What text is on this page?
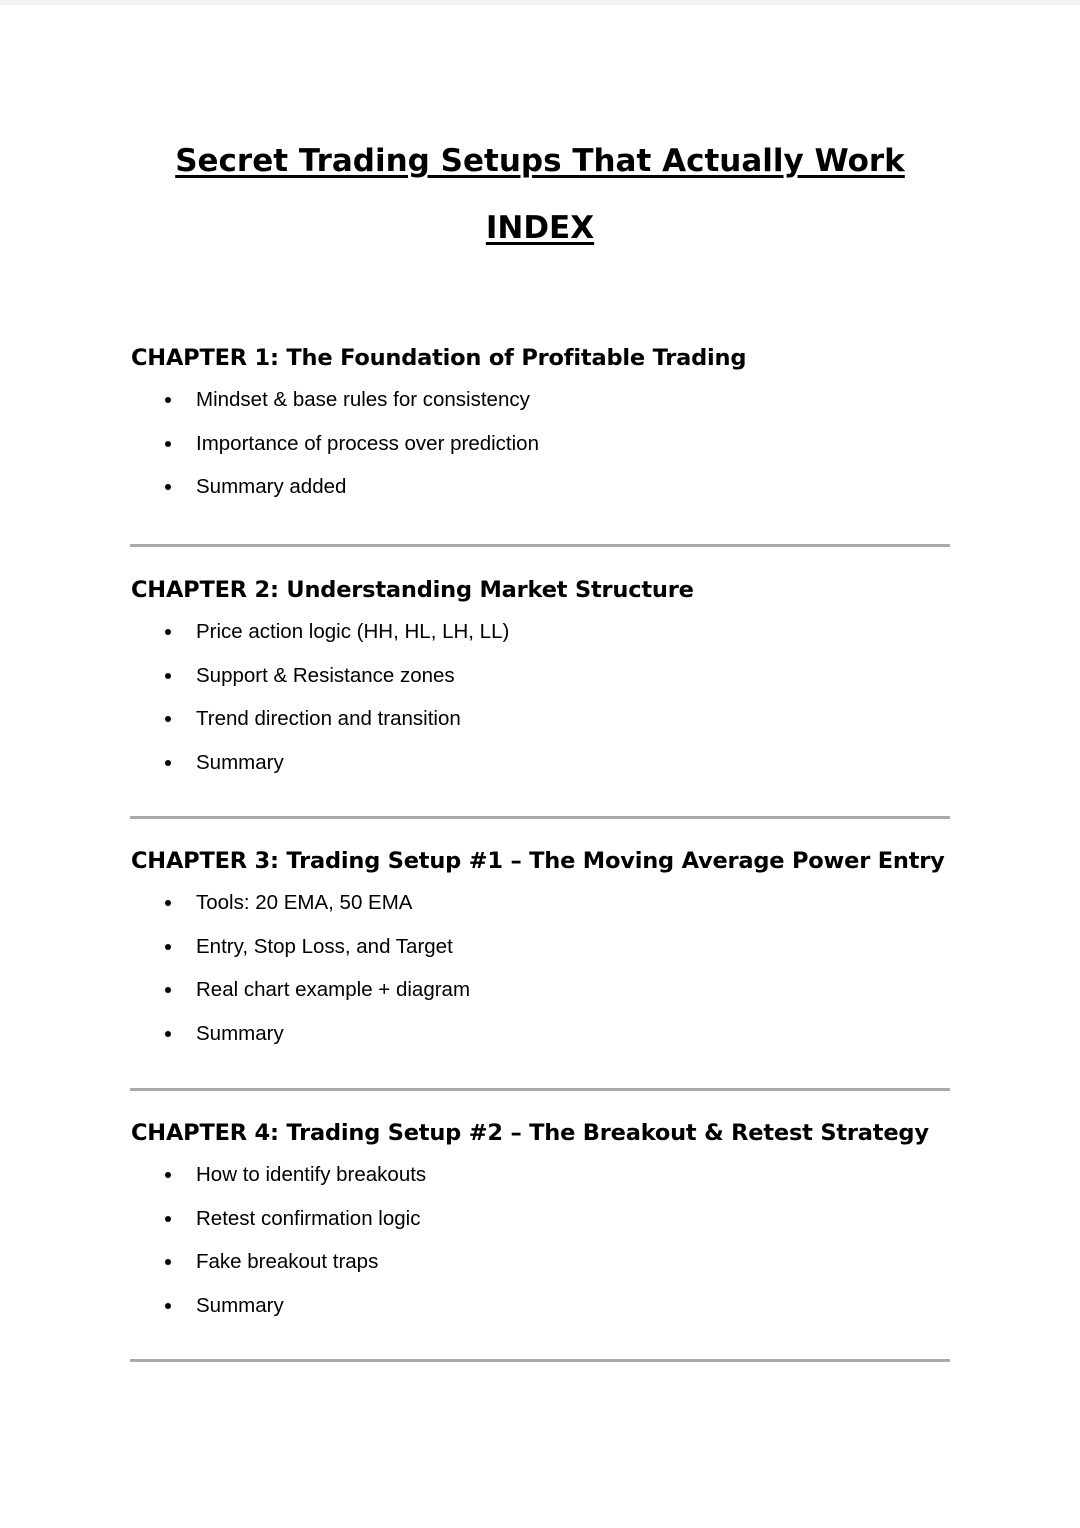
Secret Trading Setups That Actually Work
INDEX
CHAPTER 1: The Foundation of Profitable Trading
Mindset & base rules for consistency
Importance of process over prediction
Summary added
CHAPTER 2: Understanding Market Structure
Price action logic (HH, HL, LH, LL)
Support & Resistance zones
Trend direction and transition
Summary
CHAPTER 3: Trading Setup #1 – The Moving Average Power Entry
Tools: 20 EMA, 50 EMA
Entry, Stop Loss, and Target
Real chart example + diagram
Summary
CHAPTER 4: Trading Setup #2 – The Breakout & Retest Strategy
How to identify breakouts
Retest confirmation logic
Fake breakout traps
Summary
